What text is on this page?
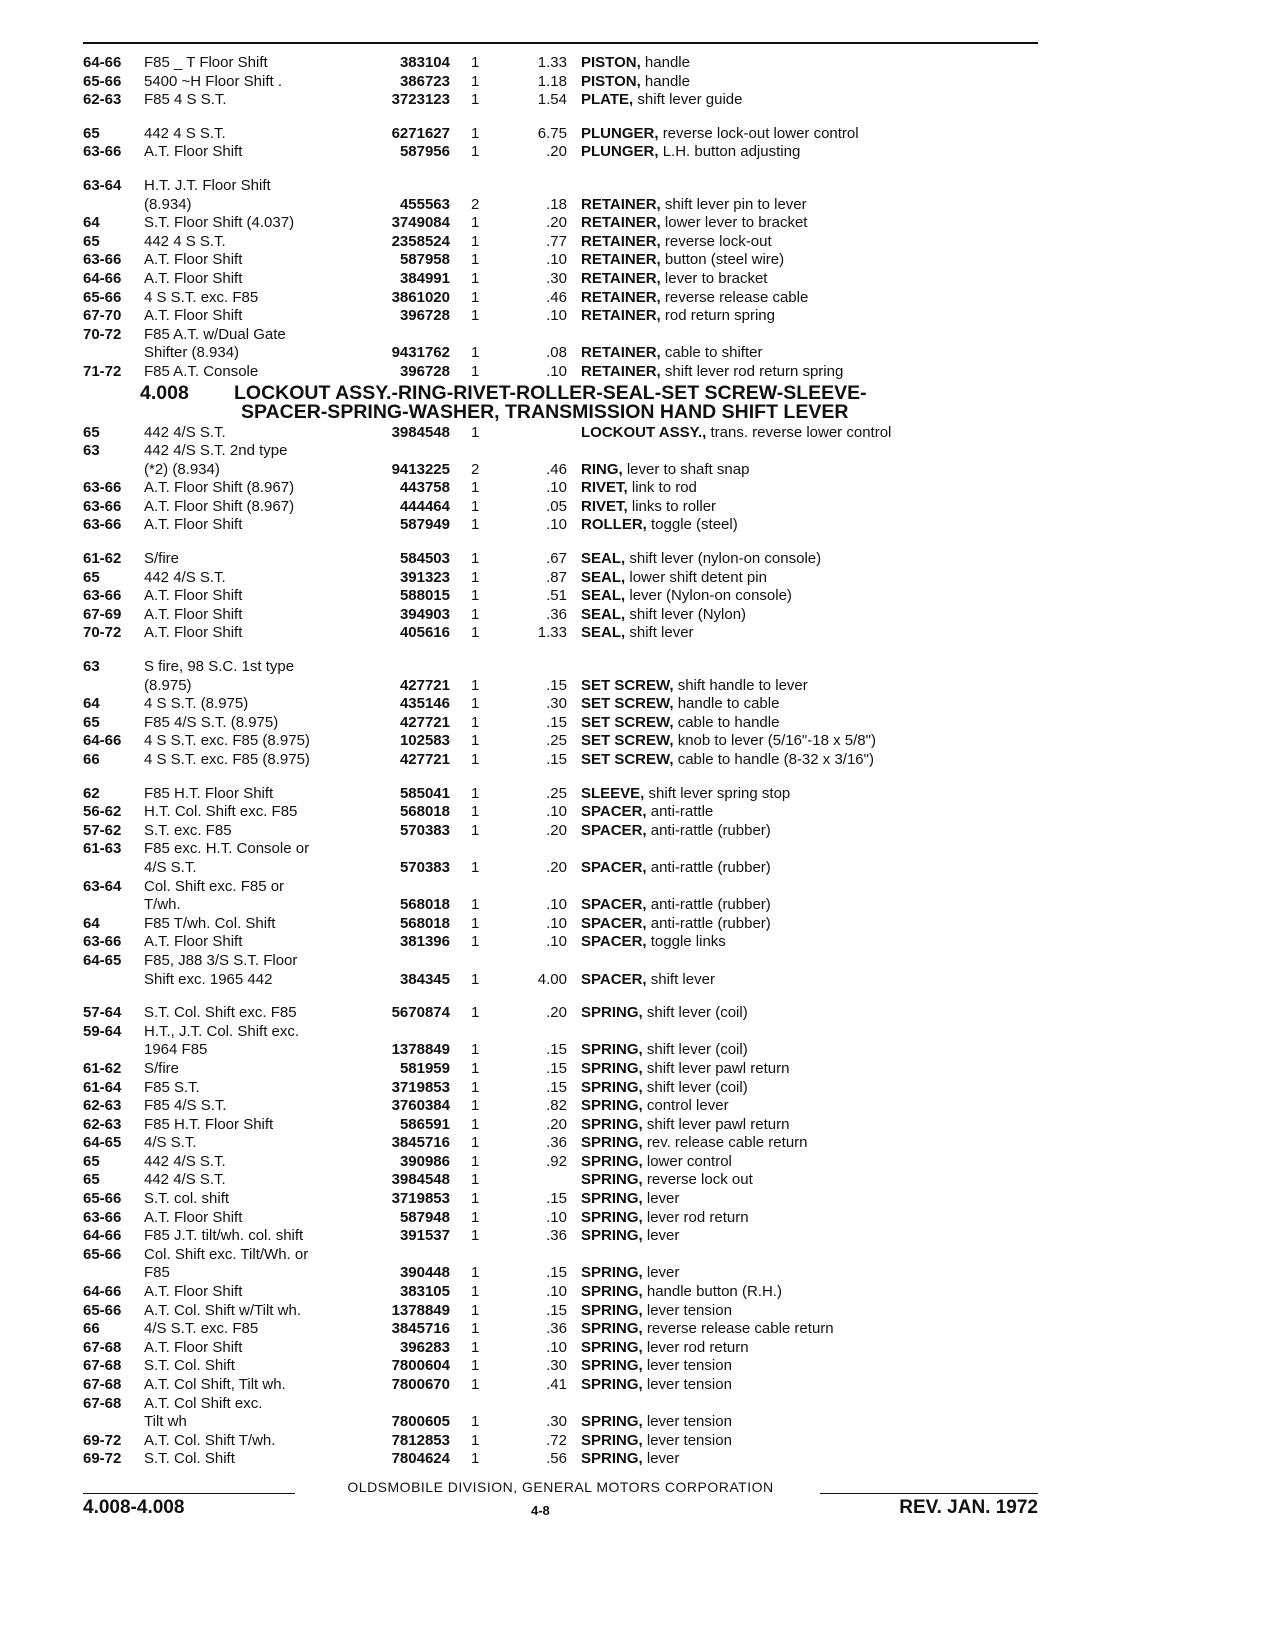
64-66	F85 _ T Floor Shift	383104 1	1.33 PISTON, handle
65-66	5400 ~H Floor Shift .	386723 1	1.18 PISTON, handle
62-63	F85 4 S S.T.	3723123 1	1.54 PLATE, shift lever guide
65	442 4 S S.T.	6271627 1	6.75 PLUNGER, reverse lock-out lower control
63-66	A.T. Floor Shift	587956 1	.20 PLUNGER, L.H. button adjusting
63-64	H.T. J.T. Floor Shift
(8.934)	455563 2	.18 RETAINER, shift lever pin to lever
64	S.T. Floor Shift (4.037)	3749084 1	.20 RETAINER, lower lever to bracket
65	442 4 S S.T.	2358524 1	.77 RETAINER, reverse lock-out
63-66	A.T. Floor Shift	587958 1	.10 RETAINER, button (steel wire)
64-66	A.T. Floor Shift	384991 1	.30 RETAINER, lever to bracket
65-66	4 S S.T. exc. F85	3861020 1	.46 RETAINER, reverse release cable
67-70	A.T. Floor Shift	396728 1	.10 RETAINER, rod return spring
70-72	F85 A.T. w/Dual Gate
Shifter (8.934)	9431762 1	.08 RETAINER, cable to shifter
71-72	F85 A.T. Console	396728 1	.10 RETAINER, shift lever rod return spring
4.008 LOCKOUT ASSY.-RING-RIVET-ROLLER-SEAL-SET SCREW-SLEEVE-
SPACER-SPRING-WASHER, TRANSMISSION HAND SHIFT LEVER
65	442 4/S S.T.	3984548 1	LOCKOUT ASSY., trans. reverse lower control
63	442 4/S S.T. 2nd type
(*2) (8.934)	9413225 2	.46 RING, lever to shaft snap
63-66	A.T. Floor Shift (8.967)	443758 1	.10 RIVET, link to rod
63-66	A.T. Floor Shift (8.967)	444464 1	.05 RIVET, links to roller
63-66	A.T. Floor Shift	587949 1	.10 ROLLER, toggle (steel)
61-62	S/fire	584503 1	.67 SEAL, shift lever (nylon-on console)
65	442 4/S S.T.	391323 1	.87 SEAL, lower shift detent pin
63-66	A.T. Floor Shift	588015 1	.51 SEAL, lever (Nylon-on console)
67-69	A.T. Floor Shift	394903 1	.36 SEAL, shift lever (Nylon)
70-72	A.T. Floor Shift	405616 1	1.33 SEAL, shift lever
63	S fire, 98 S.C. 1st type
(8.975)	427721 1	.15 SET SCREW, shift handle to lever
64	4 S S.T. (8.975)	435146 1	.30 SET SCREW, handle to cable
65	F85 4/S S.T. (8.975)	427721 1	.15 SET SCREW, cable to handle
64-66	4 S S.T. exc. F85 (8.975)	102583 1	.25 SET SCREW, knob to lever (5/16"-18 x 5/8")
66	4 S S.T. exc. F85 (8.975)	427721 1	.15 SET SCREW, cable to handle (8-32 x 3/16")
62	F85 H.T. Floor Shift	585041 1	.25 SLEEVE, shift lever spring stop
56-62	H.T. Col. Shift exc. F85	568018 1	.10 SPACER, anti-rattle
57-62	S.T. exc. F85	570383 1	.20 SPACER, anti-rattle (rubber)
61-63	F85 exc. H.T. Console or
4/S S.T.	570383 1	.20 SPACER, anti-rattle (rubber)
63-64	Col. Shift exc. F85 or
T/wh.	568018 1	.10 SPACER, anti-rattle (rubber)
64	F85 T/wh. Col. Shift	568018 1	.10 SPACER, anti-rattle (rubber)
63-66	A.T. Floor Shift	381396 1	.10 SPACER, toggle links
64-65	F85, J88 3/S S.T. Floor
Shift exc. 1965 442	384345 1	4.00 SPACER, shift lever
57-64	S.T. Col. Shift exc. F85	5670874 1	.20 SPRING, shift lever (coil)
59-64	H.T., J.T. Col. Shift exc.
1964 F85	1378849 1	.15 SPRING, shift lever (coil)
61-62	S/fire	581959 1	.15 SPRING, shift lever pawl return
61-64	F85 S.T.	3719853 1	.15 SPRING, shift lever (coil)
62-63	F85 4/S S.T.	3760384 1	.82 SPRING, control lever
62-63	F85 H.T. Floor Shift	586591 1	.20 SPRING, shift lever pawl return
64-65	4/S S.T.	3845716 1	.36 SPRING, rev. release cable return
65	442 4/S S.T.	390986 1	.92 SPRING, lower control
65	442 4/S S.T.	3984548 1	SPRING, reverse lock out
65-66	S.T. col. shift	3719853 1	.15 SPRING, lever
63-66	A.T. Floor Shift	587948 1	.10 SPRING, lever rod return
64-66	F85 J.T. tilt/wh. col. shift	391537 1	.36 SPRING, lever
65-66	Col. Shift exc. Tilt/Wh. or
F85	390448 1	.15 SPRING, lever
64-66	A.T. Floor Shift	383105 1	.10 SPRING, handle button (R.H.)
65-66	A.T. Col. Shift w/Tilt wh.	1378849 1	.15 SPRING, lever tension
66	4/S S.T. exc. F85	3845716 1	.36 SPRING, reverse release cable return
67-68	A.T. Floor Shift	396283 1	.10 SPRING, lever rod return
67-68	S.T. Col. Shift	7800604 1	.30 SPRING, lever tension
67-68	A.T. Col Shift, Tilt wh.	7800670 1	.41 SPRING, lever tension
67-68	A.T. Col Shift exc.
Tilt wh	7800605 1	.30 SPRING, lever tension
69-72	A.T. Col. Shift T/wh.	7812853 1	.72 SPRING, lever tension
69-72	S.T. Col. Shift	7804624 1	.56 SPRING, lever
OLDSMOBILE DIVISION, GENERAL MOTORS CORPORATION
4.008-4.008	4-8	REV. JAN. 1972
